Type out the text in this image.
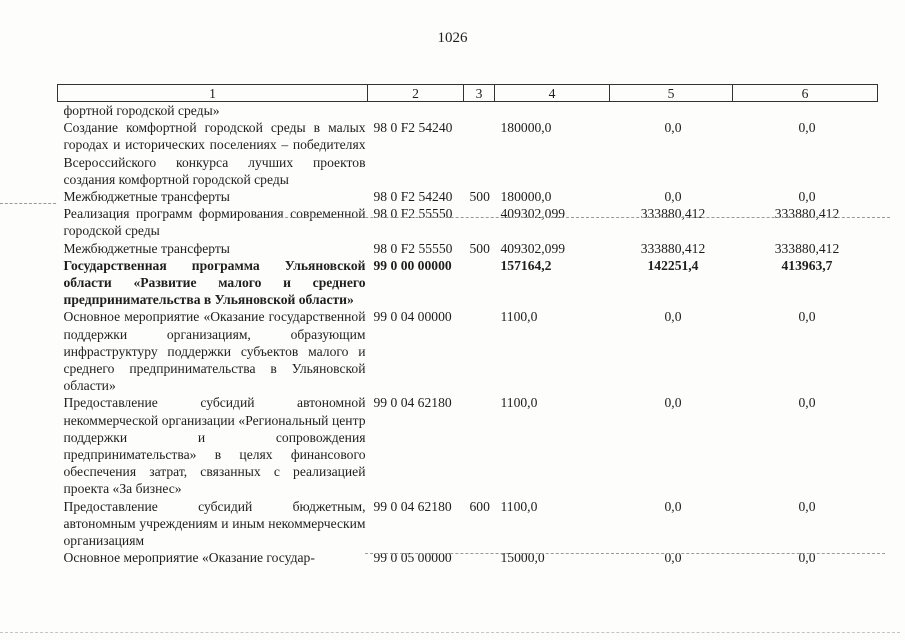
1026
1	2	3	4	5	6
фортной городской среды»					
Создание комфортной городской среды в малых городах и исторических поселениях – победителях Всероссийского конкурса лучших проектов создания комфортной городской среды	98 0 F2 54240		180000,0	0,0	0,0
Межбюджетные трансферты	98 0 F2 54240	500	180000,0	0,0	0,0
Реализация программ формирования современной городской среды	98 0 F2 55550		409302,099	333880,412	333880,412
Межбюджетные трансферты	98 0 F2 55550	500	409302,099	333880,412	333880,412
Государственная программа Ульяновской области «Развитие малого и среднего предпринимательства в Ульяновской области»	99 0 00 00000		157164,2	142251,4	413963,7
Основное мероприятие «Оказание государственной поддержки организациям, образующим инфраструктуру поддержки субъектов малого и среднего предпринимательства в Ульяновской области»	99 0 04 00000		1100,0	0,0	0,0
Предоставление субсидий автономной некоммерческой организации «Региональный центр поддержки и сопровождения предпринимательства» в целях финансового обеспечения затрат, связанных с реализацией проекта «За бизнес»	99 0 04 62180		1100,0	0,0	0,0
Предоставление субсидий бюджетным, автономным учреждениям и иным некоммерческим организациям	99 0 04 62180	600	1100,0	0,0	0,0
Основное мероприятие «Оказание государ-	99 0 05 00000		15000,0	0,0	0,0
